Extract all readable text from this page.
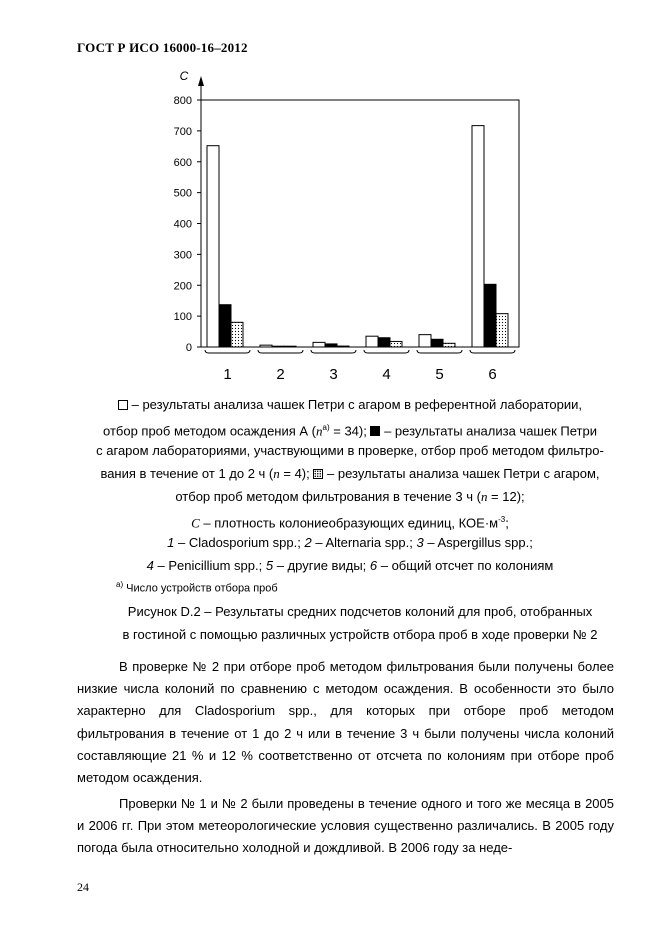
ГОСТ Р ИСО 16000-16–2012
0
100
200
300
400
500
600
700
800
C
1	2	3	4	5	6
– результаты анализа чашек Петри с агаром в референтной лаборатории,
отбор проб методом осаждения А $(n^{а)} = 34)$;  – результаты анализа чашек Петри
с агаром лабораториями, участвующими в проверке, отбор проб методом фильтро-
вания в течение от 1 до 2 ч (n = 4);  – результаты анализа чашек Петри с агаром,
отбор проб методом фильтрования в течение 3 ч (n = 12);
C – плотность колониеобразующих единиц, $КОЕ\cdot м^{-3}$;
1 – Cladosporium spp.; 2 – Alternaria spp.; 3 – Aspergillus spp.;
4 – Penicillium spp.; 5 – другие виды; 6 – общий отсчет по колониям
$^{а)}$ Число устройств отбора проб
Рисунок D.2 – Результаты средних подсчетов колоний для проб, отобранных
в гостиной с помощью различных устройств отбора проб в ходе проверки № 2

В проверке № 2 при отборе проб методом фильтрования были получены более низкие числа колоний по сравнению с методом осаждения. В особенности это было характерно для Cladosporium spp., для которых при отборе проб методом фильтрования в течение от 1 до 2 ч или в течение 3 ч были получены числа колоний составляющие 21 % и 12 % соответственно от отсчета по колониям при отборе проб методом осаждения.

Проверки № 1 и № 2 были проведены в течение одного и того же месяца в 2005 и 2006 гг. При этом метеорологические условия существенно различались. В 2005 году погода была относительно холодной и дождливой. В 2006 году за неде-

24
